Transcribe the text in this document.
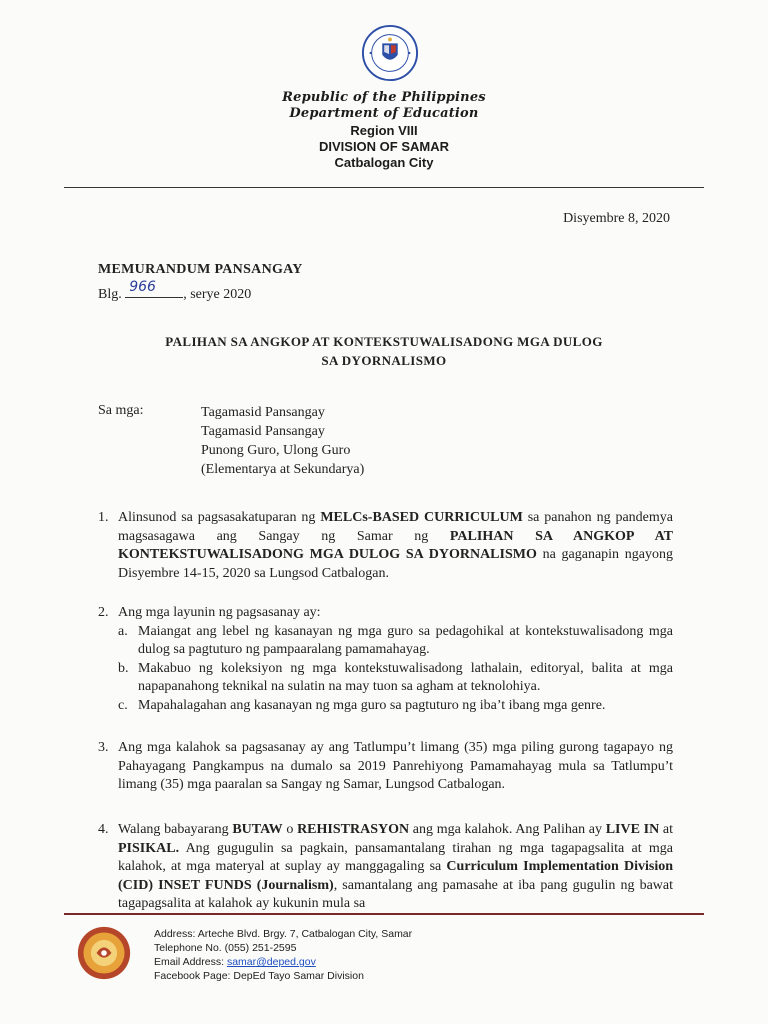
Republic of the Philippines
Department of Education
Region VIII
DIVISION OF SAMAR
Catbalogan City
Disyembre 8, 2020
MEMURANDUM PANSANGAY
Blg. 966 , serye 2020
PALIHAN SA ANGKOP AT KONTEKSTUWALISADONG MGA DULOG
SA DYORNALISMO
Sa mga:	Tagamasid Pansangay
Tagamasid Pansangay
Punong Guro, Ulong Guro
(Elementarya at Sekundarya)
1. Alinsunod sa pagsasakatuparan ng MELCs-BASED CURRICULUM sa panahon ng pandemya magsasagawa ang Sangay ng Samar ng PALIHAN SA ANGKOP AT KONTEKSTUWALISADONG MGA DULOG SA DYORNALISMO na gaganapin ngayong Disyembre 14-15, 2020 sa Lungsod Catbalogan.
2. Ang mga layunin ng pagsasanay ay:
a. Maiangat ang lebel ng kasanayan ng mga guro sa pedagohikal at kontekstuwalisadong mga dulog sa pagtuturo ng pampaaralang pamamahayag.
b. Makabuo ng koleksiyon ng mga kontekstuwalisadong lathalain, editoryal, balita at mga napapanahong teknikal na sulatin na may tuon sa agham at teknolohiya.
c. Mapahalagahan ang kasanayan ng mga guro sa pagtuturo ng iba’t ibang mga genre.
3. Ang mga kalahok sa pagsasanay ay ang Tatlumpu’t limang (35) mga piling gurong tagapayo ng Pahayagang Pangkampus na dumalo sa 2019 Panrehiyong Pamamahayag mula sa Tatlumpu’t limang (35) mga paaralan sa Sangay ng Samar, Lungsod Catbalogan.
4. Walang babayarang BUTAW o REHISTRASYON ang mga kalahok. Ang Palihan ay LIVE IN at PISIKAL. Ang gugugulin sa pagkain, pansamantalang tirahan ng mga tagapagsalita at mga kalahok, at mga materyal at suplay ay manggagaling sa Curriculum Implementation Division (CID) INSET FUNDS (Journalism), samantalang ang pamasahe at iba pang gugulin ng bawat tagapagsalita at kalahok ay kukunin mula sa
Address: Arteche Blvd. Brgy. 7, Catbalogan City, Samar
Telephone No. (055) 251-2595
Email Address: samar@deped.gov
Facebook Page: DepEd Tayo Samar Division
